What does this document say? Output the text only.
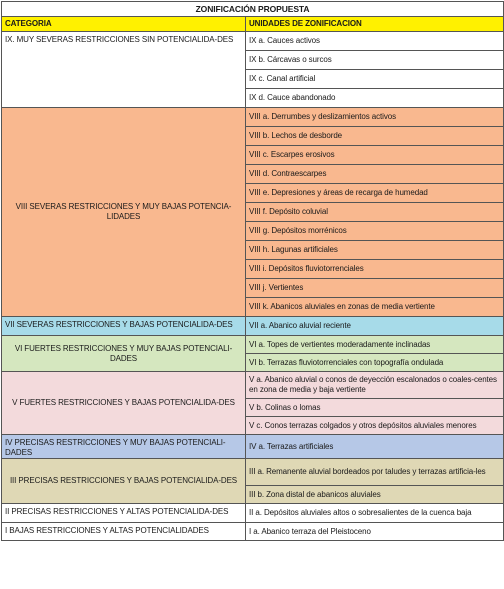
ZONIFICACIÓN PROPUESTA	
CATEGORIA	UNIDADES DE ZONIFICACION
IX. MUY SEVERAS RESTRICCIONES SIN POTENCIALIDA-DES	IX a. Cauces activos
	IX b. Cárcavas o surcos
	IX c. Canal artificial
	IX d. Cauce abandonado
VIII SEVERAS RESTRICCIONES Y MUY BAJAS POTENCIA-LIDADES	VIII a. Derrumbes y deslizamientos activos
	VIII b. Lechos de desborde
	VIII c. Escarpes erosivos
	VIII d. Contraescarpes
	VIII e. Depresiones y áreas de recarga de humedad
	VIII f. Depósito coluvial
	VIII g. Depósitos morrénicos
	VIII h. Lagunas artificiales
	VIII i. Depósitos fluviotorrenciales
	VIII j. Vertientes
	VIII k. Abanicos aluviales en zonas de media vertiente
VII SEVERAS RESTRICCIONES Y BAJAS POTENCIALIDA-DES	VII a. Abanico aluvial reciente
VI FUERTES RESTRICCIONES Y MUY BAJAS POTENCIALI-DADES	VI a. Topes de vertientes moderadamente inclinadas
	VI b. Terrazas fluviotorrenciales con topografía ondulada
V FUERTES RESTRICCIONES Y BAJAS POTENCIALIDA-DES	V a. Abanico aluvial o conos de deyección escalonados o coales-centes en zona de media y baja vertiente
	V b. Colinas o lomas
	V c. Conos terrazas colgados y otros depósitos aluviales menores
IV PRECISAS RESTRICCIONES Y MUY BAJAS POTENCIALI-DADES	IV a. Terrazas artificiales
III PRECISAS RESTRICCIONES Y BAJAS POTENCIALIDA-DES	III a. Remanente aluvial bordeados por taludes y terrazas artificia-les
	III b. Zona distal de abanicos aluviales
II PRECISAS RESTRICCIONES Y ALTAS POTENCIALIDA-DES	II a. Depósitos aluviales altos o sobresalientes de la cuenca baja
I BAJAS RESTRICCIONES Y ALTAS POTENCIALIDADES	I a. Abanico terraza del Pleistoceno
